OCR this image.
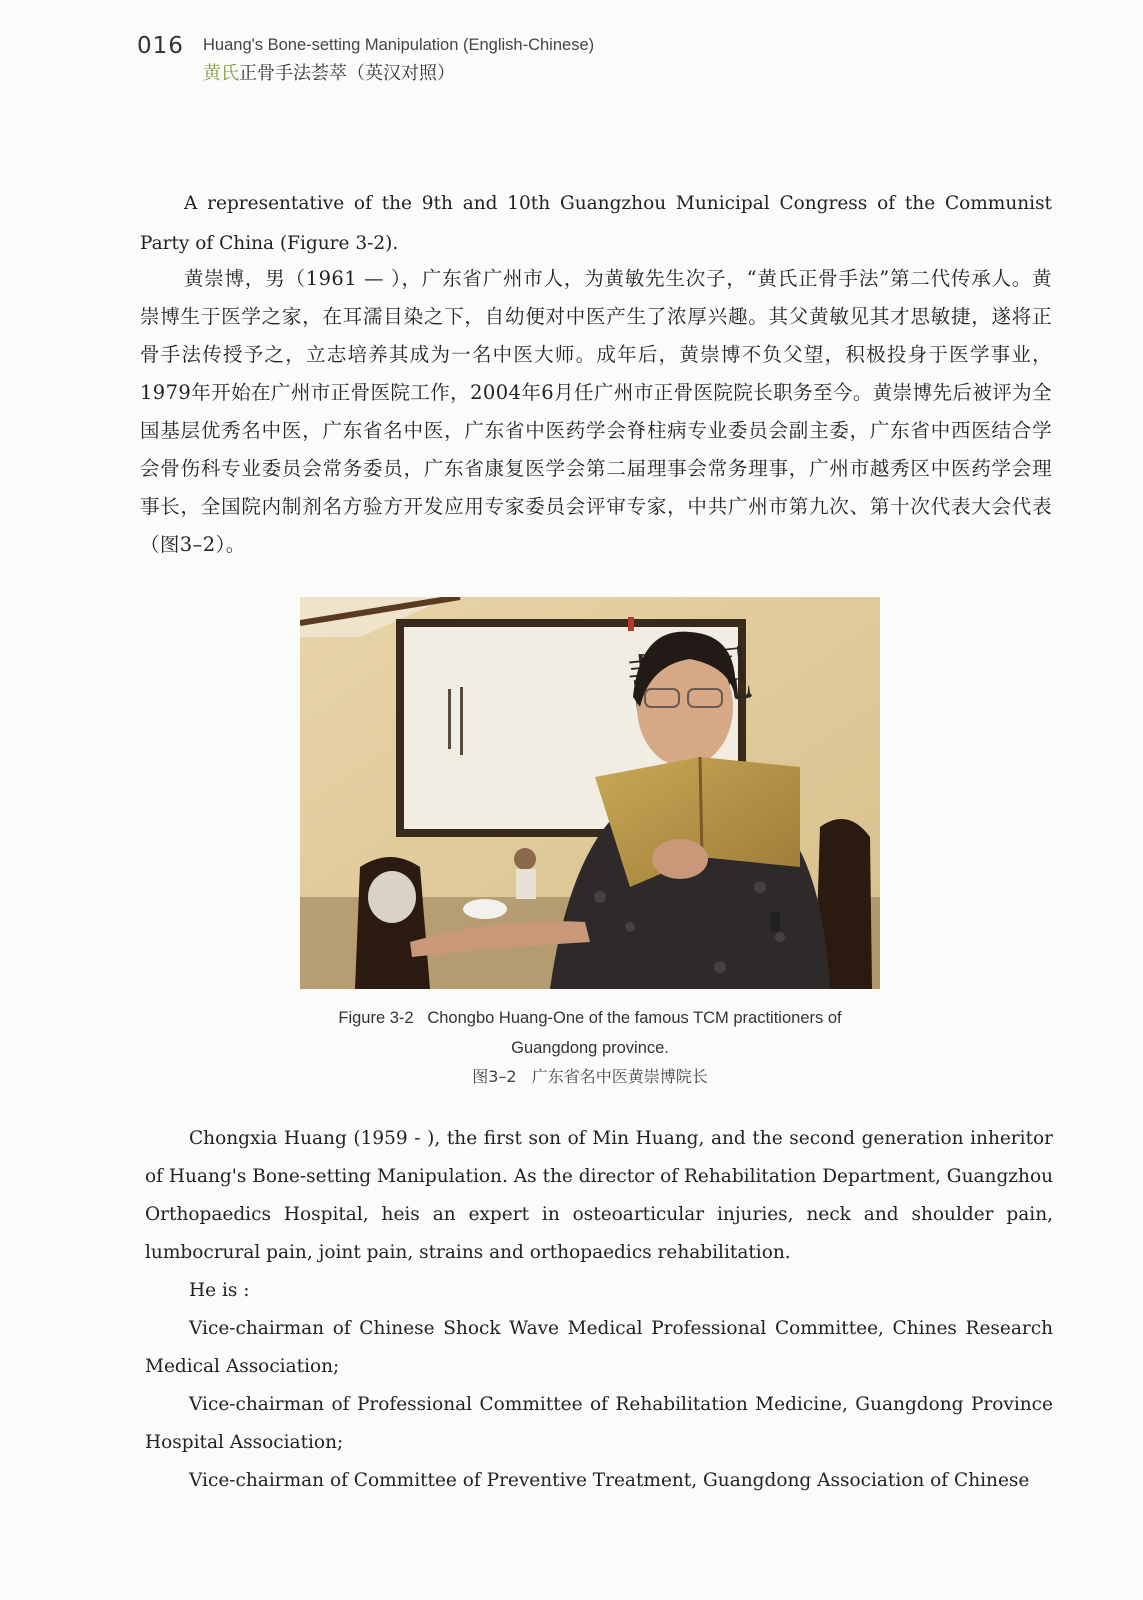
016 Huang's Bone-setting Manipulation (English-Chinese)
黄氏正骨手法荟萃（英汉对照）

A representative of the 9th and 10th Guangzhou Municipal Congress of the Communist Party of China (Figure 3-2).

黄崇博，男（1961 — ），广东省广州市人，为黄敏先生次子，“黄氏正骨手法”第二代传承人。黄崇博生于医学之家，在耳濡目染之下，自幼便对中医产生了浓厚兴趣。其父黄敏见其才思敏捷，遂将正骨手法传授予之，立志培养其成为一名中医大师。成年后，黄崇博不负父望，积极投身于医学事业，1979年开始在广州市正骨医院工作，2004年6月任广州市正骨医院院长职务至今。黄崇博先后被评为全国基层优秀名中医，广东省名中医，广东省中医药学会脊柱病专业委员会副主委，广东省中西医结合学会骨伤科专业委员会常务委员，广东省康复医学会第二届理事会常务理事，广州市越秀区中医药学会理事长，全国院内制剂名方验方开发应用专家委员会评审专家，中共广州市第九次、第十次代表大会代表（图3–2）。

Figure 3-2   Chongbo Huang-One of the famous TCM practitioners of
Guangdong province.
图3–2   广东省名中医黄崇博院长

Chongxia Huang (1959 - ), the first son of Min Huang, and the second generation inheritor of Huang's Bone-setting Manipulation. As the director of Rehabilitation Department, Guangzhou Orthopaedics Hospital, heis an expert in osteoarticular injuries, neck and shoulder pain, lumbocrural pain, joint pain, strains and orthopaedics rehabilitation.

He is :

Vice-chairman of Chinese Shock Wave Medical Professional Committee, Chines Research Medical Association;

Vice-chairman of Professional Committee of Rehabilitation Medicine, Guangdong Province Hospital Association;

Vice-chairman of Committee of Preventive Treatment, Guangdong Association of Chinese
